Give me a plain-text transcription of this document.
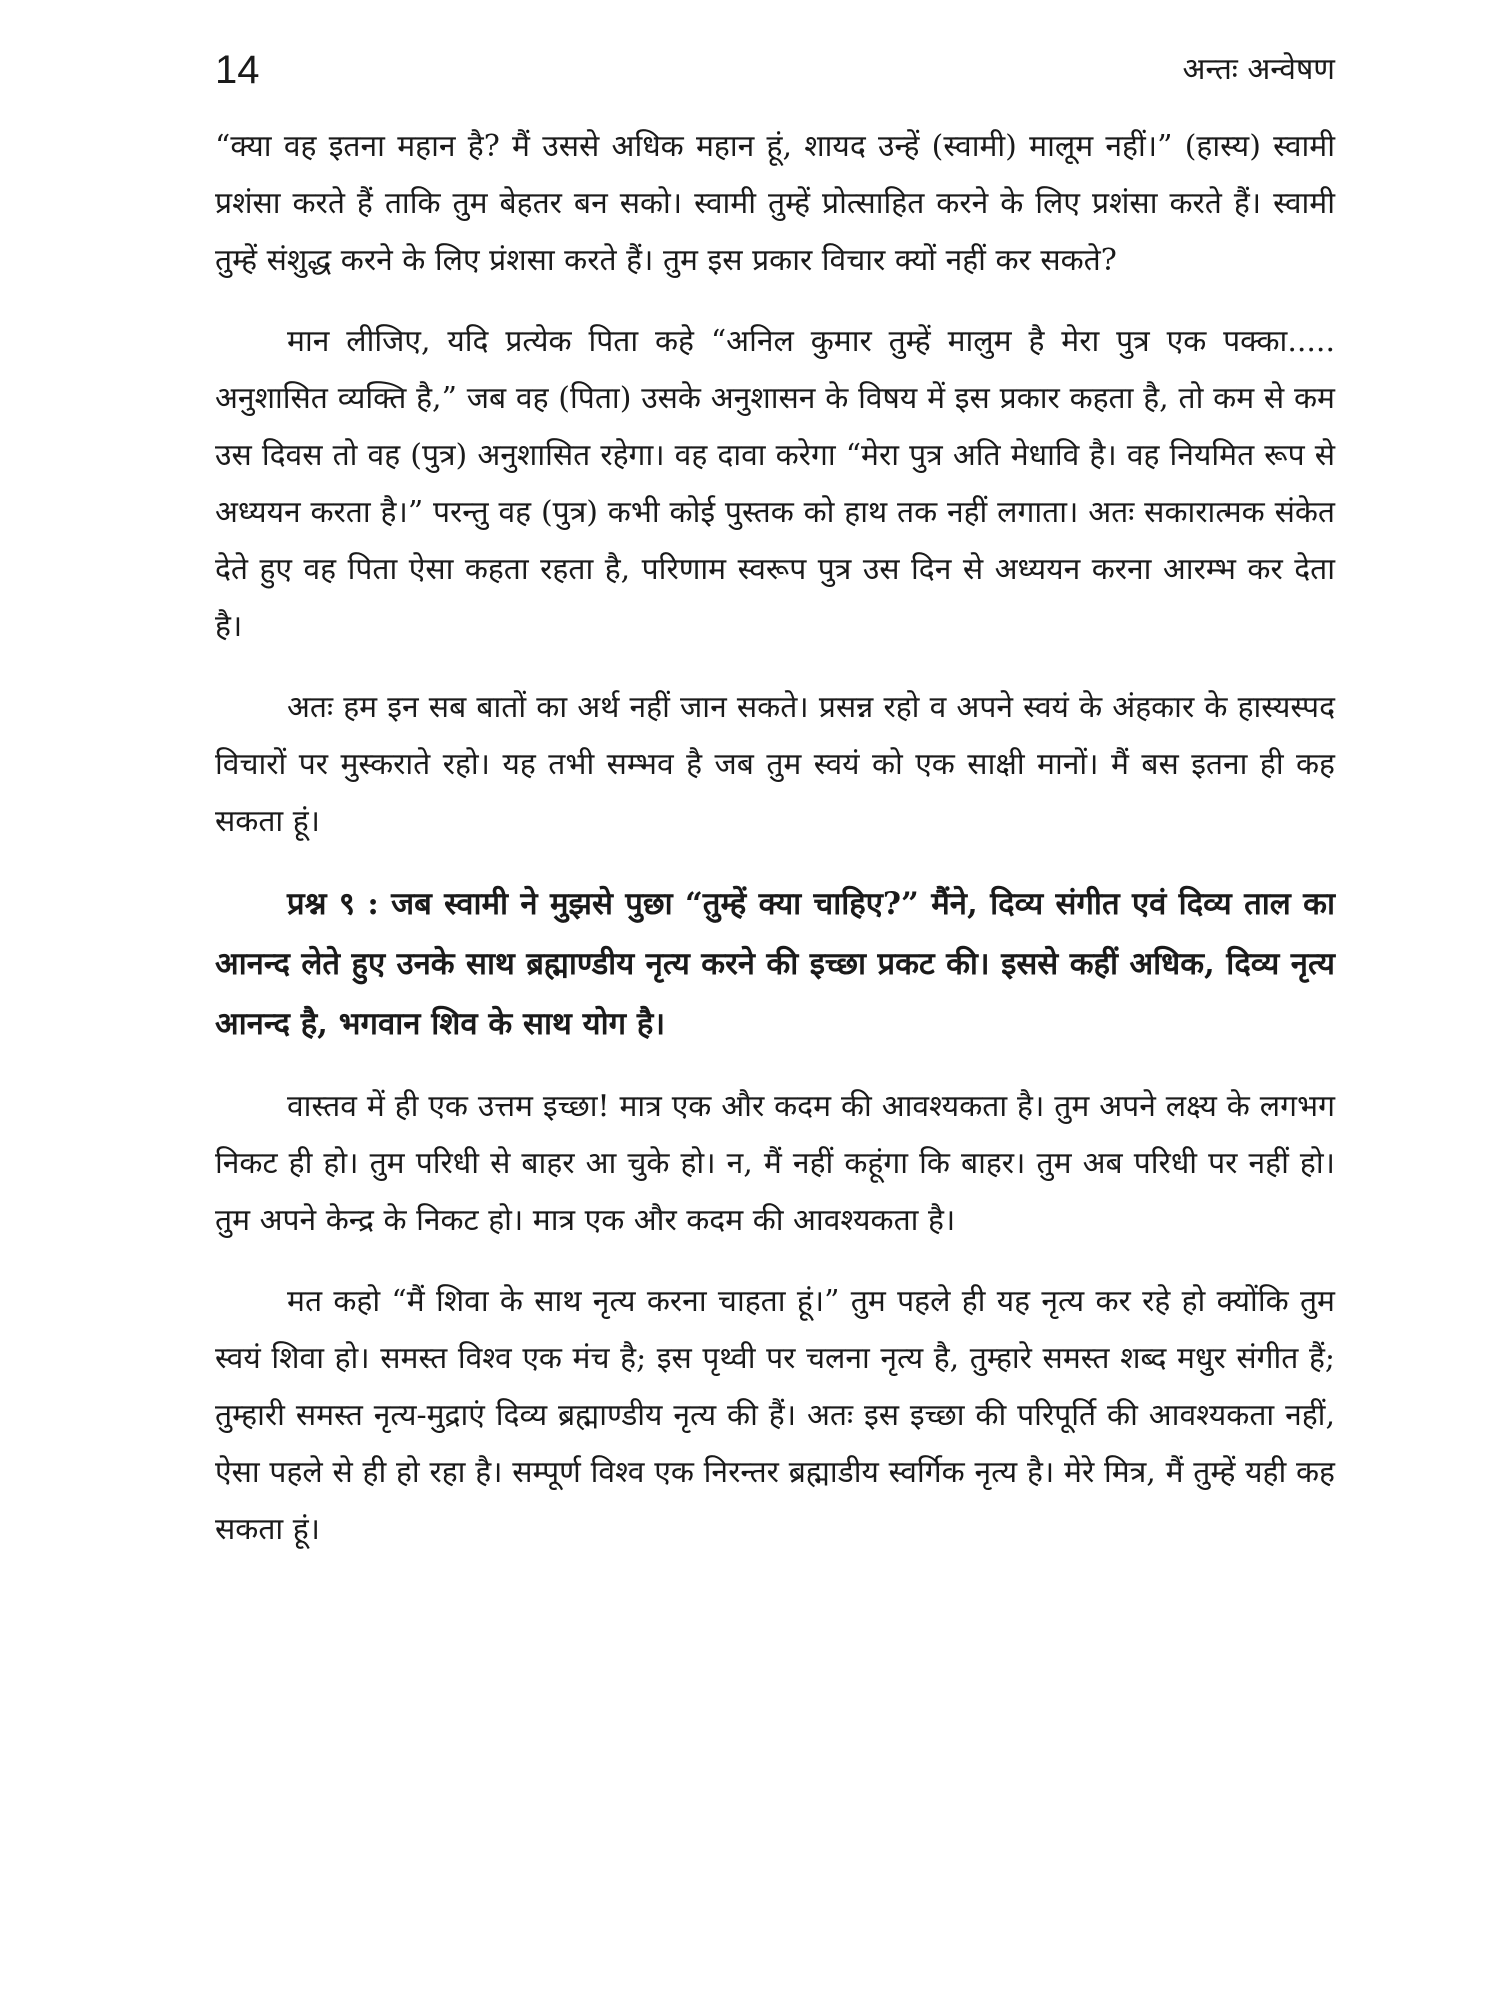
14	अन्तः अन्वेषण

“क्या वह इतना महान है? मैं उससे अधिक महान हूं, शायद उन्हें (स्वामी) मालूम नहीं।” (हास्य) स्वामी प्रशंसा करते हैं ताकि तुम बेहतर बन सको। स्वामी तुम्हें प्रोत्साहित करने के लिए प्रशंसा करते हैं। स्वामी तुम्हें संशुद्ध करने के लिए प्रंशसा करते हैं। तुम इस प्रकार विचार क्यों नहीं कर सकते?

मान लीजिए, यदि प्रत्येक पिता कहे “अनिल कुमार तुम्हें मालुम है मेरा पुत्र एक पक्का..... अनुशासित व्यक्ति है,” जब वह (पिता) उसके अनुशासन के विषय में इस प्रकार कहता है, तो कम से कम उस दिवस तो वह (पुत्र) अनुशासित रहेगा। वह दावा करेगा “मेरा पुत्र अति मेधावि है। वह नियमित रूप से अध्ययन करता है।” परन्तु वह (पुत्र) कभी कोई पुस्तक को हाथ तक नहीं लगाता। अतः सकारात्मक संकेत देते हुए वह पिता ऐसा कहता रहता है, परिणाम स्वरूप पुत्र उस दिन से अध्ययन करना आरम्भ कर देता है।

अतः हम इन सब बातों का अर्थ नहीं जान सकते। प्रसन्न रहो व अपने स्वयं के अंहकार के हास्यस्पद विचारों पर मुस्कराते रहो। यह तभी सम्भव है जब तुम स्वयं को एक साक्षी मानों। मैं बस इतना ही कह सकता हूं।

प्रश्न ९ : जब स्वामी ने मुझसे पुछा “तुम्हें क्या चाहिए?” मैंने, दिव्य संगीत एवं दिव्य ताल का आनन्द लेते हुए उनके साथ ब्रह्माण्डीय नृत्य करने की इच्छा प्रकट की। इससे कहीं अधिक, दिव्य नृत्य आनन्द है, भगवान शिव के साथ योग है।

वास्तव में ही एक उत्तम इच्छा! मात्र एक और कदम की आवश्यकता है। तुम अपने लक्ष्य के लगभग निकट ही हो। तुम परिधी से बाहर आ चुके हो। न, मैं नहीं कहूंगा कि बाहर। तुम अब परिधी पर नहीं हो। तुम अपने केन्द्र के निकट हो। मात्र एक और कदम की आवश्यकता है।

मत कहो “मैं शिवा के साथ नृत्य करना चाहता हूं।” तुम पहले ही यह नृत्य कर रहे हो क्योंकि तुम स्वयं शिवा हो। समस्त विश्व एक मंच है; इस पृथ्वी पर चलना नृत्य है, तुम्हारे समस्त शब्द मधुर संगीत हैं; तुम्हारी समस्त नृत्य-मुद्राएं दिव्य ब्रह्माण्डीय नृत्य की हैं। अतः इस इच्छा की परिपूर्ति की आवश्यकता नहीं, ऐसा पहले से ही हो रहा है। सम्पूर्ण विश्व एक निरन्तर ब्रह्माडीय स्वर्गिक नृत्य है। मेरे मित्र, मैं तुम्हें यही कह सकता हूं।
